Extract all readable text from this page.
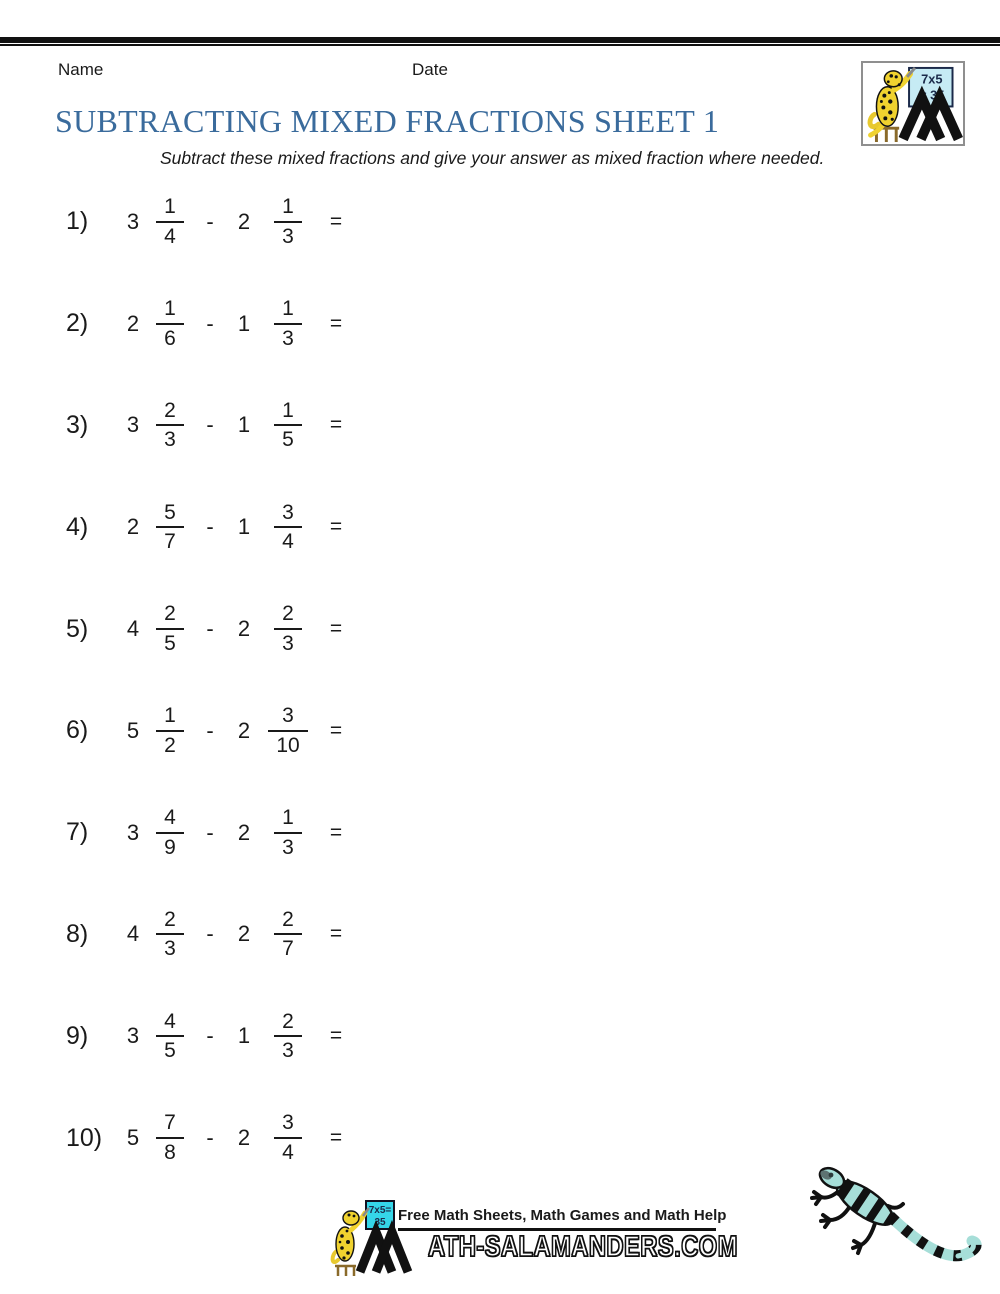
Name	Date
7x5
= 35
SUBTRACTING MIXED FRACTIONS SHEET 1
Subtract these mixed fractions and give your answer as mixed fraction where needed.
1)	$3 \frac{1}{4}$	-	2	$\frac{1}{3}$	=
2)	$2 \frac{1}{6}$	-	1	$\frac{1}{3}$	=
3)	$3 \frac{2}{3}$	-	1	$\frac{1}{5}$	=
4)	$2 \frac{5}{7}$	-	1	$\frac{3}{4}$	=
5)	$4 \frac{2}{5}$	-	2	$\frac{2}{3}$	=
6)	$5 \frac{1}{2}$	-	$2 \frac{3}{10}$	=
7)	$3 \frac{4}{9}$	-	2	$\frac{1}{3}$	=
8)	$4 \frac{2}{3}$	-	2	$\frac{2}{7}$	=
9)	$3 \frac{4}{5}$	-	1	$\frac{2}{3}$	=
10)	$5 \frac{7}{8}$	-	2	$\frac{3}{4}$	=
7x5=
35 Free Math Sheets, Math Games and Math Help
ATH-SALAMANDERS.COM
